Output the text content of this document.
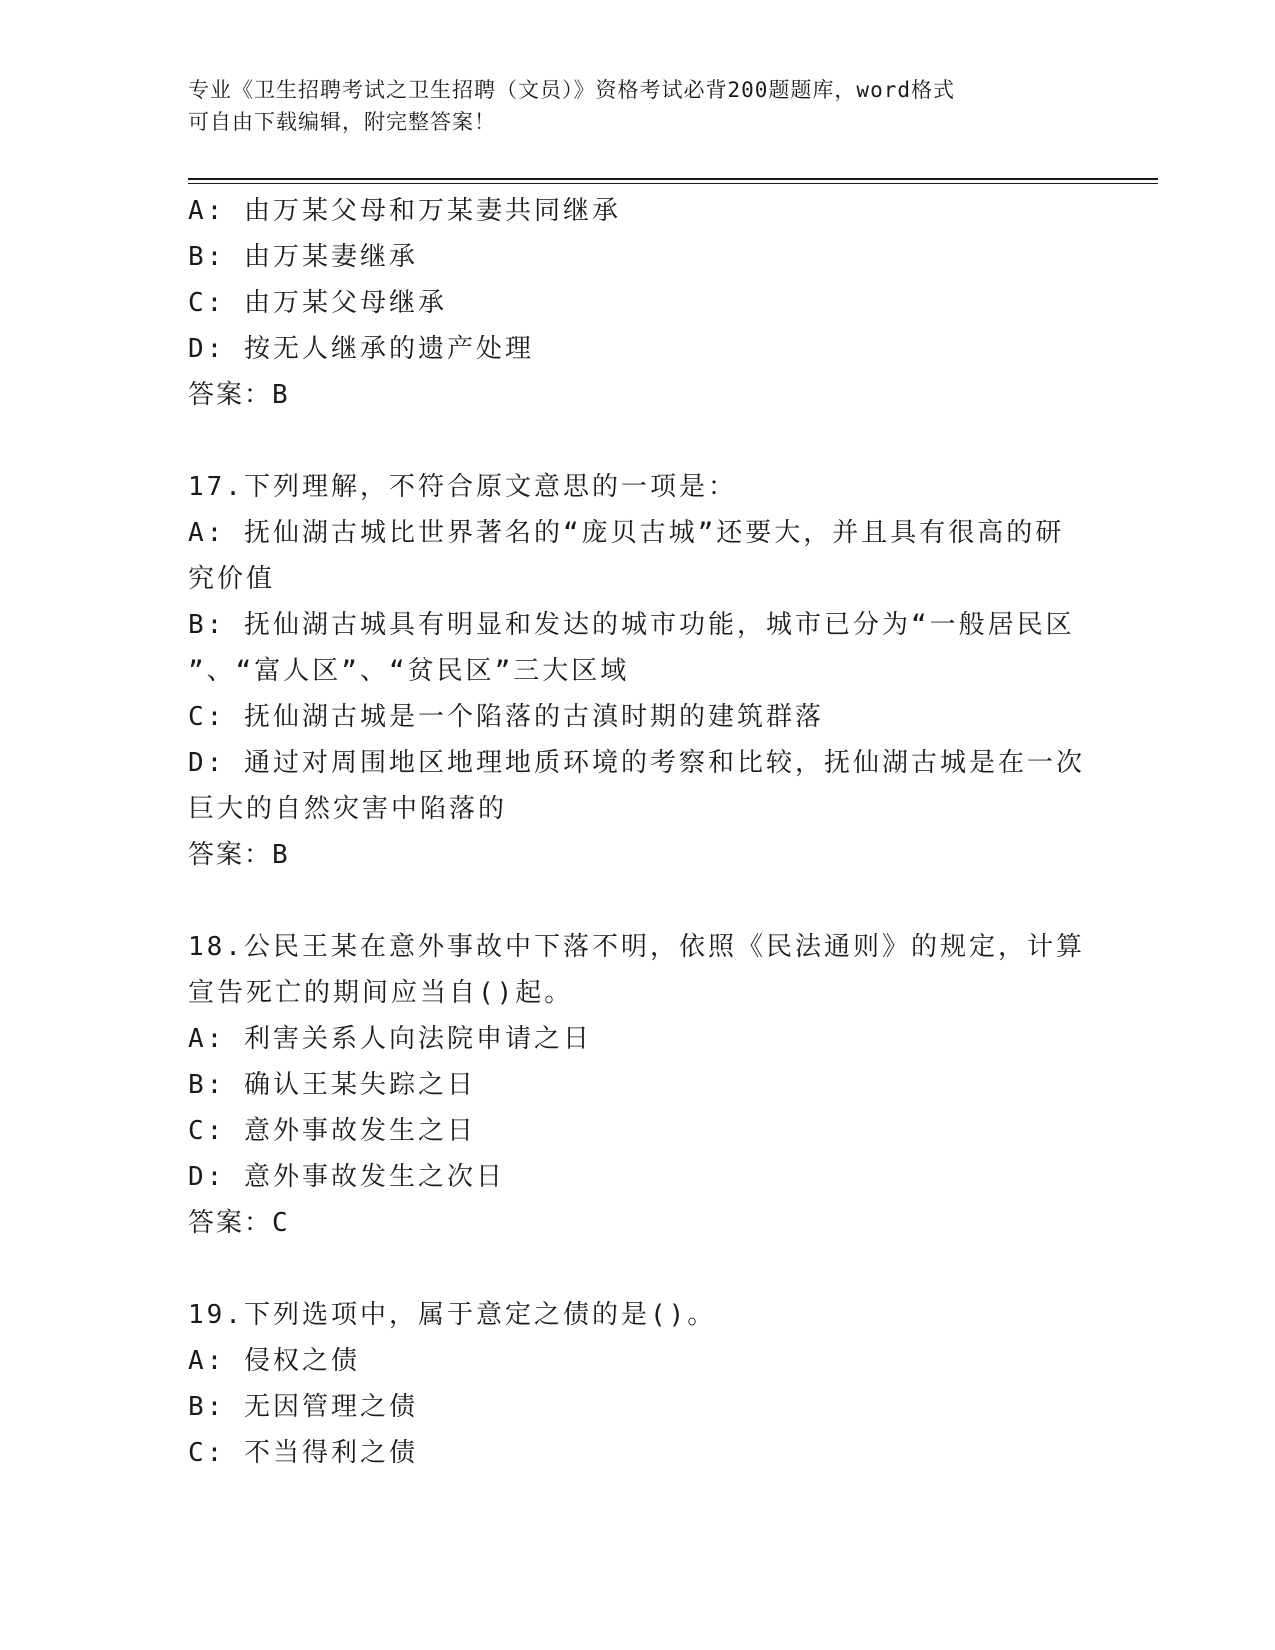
专业《卫生招聘考试之卫生招聘（文员）》资格考试必背200题题库，word格式
可自由下载编辑，附完整答案！
A: 由万某父母和万某妻共同继承
B: 由万某妻继承
C: 由万某父母继承
D: 按无人继承的遗产处理
答案：B
17.下列理解，不符合原文意思的一项是：
A: 抚仙湖古城比世界著名的“庞贝古城”还要大，并且具有很高的研
究价值
B: 抚仙湖古城具有明显和发达的城市功能，城市已分为“一般居民区
”、“富人区”、“贫民区”三大区域
C: 抚仙湖古城是一个陷落的古滇时期的建筑群落
D: 通过对周围地区地理地质环境的考察和比较，抚仙湖古城是在一次
巨大的自然灾害中陷落的
答案：B
18.公民王某在意外事故中下落不明，依照《民法通则》的规定，计算
宣告死亡的期间应当自()起。
A: 利害关系人向法院申请之日
B: 确认王某失踪之日
C: 意外事故发生之日
D: 意外事故发生之次日
答案：C
19.下列选项中，属于意定之债的是()。
A: 侵权之债
B: 无因管理之债
C: 不当得利之债
